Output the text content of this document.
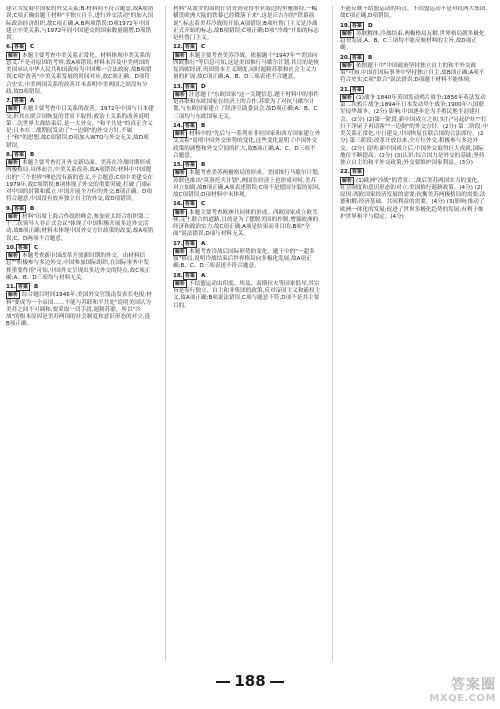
建立为发展中国家的外交关系;B.材料同不符合题意,故A项错误;C项正确由题干材料"平独立自主,进行外交活动"的加入国际政治经济组织,故C项正确,A,B两项错误;D项1972年中国建立中美关系,与1972年同中国建交的国家数量剧增,D项错误。
6. 答案 C
解析 本题主要考查中美关系正常化。材料体现中美关系的意义:不是对原因的考察,故A项错误;材料未涉及中美两国的美国承认中华人民共和国政府为中国唯一合法政府,故B项错误;C项"改善"中美关系发展的时间对应,故C项正确。D项符合史实,中美两国关系的改善并未表明中美两国之间没有分歧,故D项错误。
7. 答案 A
解析 本题主要考查中日关系的改善。1972年中国与日本建交,但其在联合国恢复的背景下取得;政治上关系的改善说明第二次世界大战结束后,是一大外交。"和平共处"的真正含义是:日本在二战期间发动了"一边倒"的外交方针,不属于"和"的思想,故C项错误;D项加入WTO与外交无关,故D项错误。
8. 答案 B
解析 本题主要考查打开外交新局面。美苏在冷战时期形成两极格局,具体而言,中美关系改善,故A项错误;材料中中国提出的"三个世界"理论没有新的意义,不合题意;C项中美建交在1979年,故C项错误;B项体现了外交的重要突破,打破了国际对中国的封锁和孤立,中国开展全方位的外交,B项正确。D项符合题意,中国没有放弃独立自主的外交,故D项错误。
9. 答案 B
解析 材料"出席上海合作组织峰会,参加亚太经合组织第二十二次领导人非正式会议"体现了中国积极开展多边外交活动,故B项正确;材料未体现中国外交方针政策的改变,故A项错误;C、D两项不合题意。
10. 答案 C
解析 本题考查新中国改革开放新时期的外交。由材料信息""积极参与多边外交,中国参加国际组织,在国际事务中发挥重要作用"可知,中国外交呈现出多边外交的特点,故C项正确;A、B、D三项均与材料无关。
11. 答案 B
解析 综合题目时间1946年,美国外交官凯南发表长电报;材料"要成为一个帝国……不能与苏联和平共处"说明美国认为美苏之间不可调和,要采取一切手段,遏制苏联。所以"冷战"的根本原因是美苏两国的社会制度和意识形态的对立,选B项正确。
材料"从波罗的海的什切青到亚得里亚海边的里雅斯特,一幅横贯欧洲大陆的铁幕已经降落下来",这是丘吉尔的"铁幕演说",标志着美苏冷战的开始,A项错误;B项杜鲁门主义是冷战正式开始的标志,故B项错误;C项正确;D项"冷战"开始的标志是杜鲁门主义。
12. 答案 C
解析 本题主要考查美苏冷战。依据题干"1947年""美国向西欧推行"等信息可知,这是美国推行马歇尔计划,其目的是恢复西欧经济,巩固资本主义制度,同时遏制苏联和社会主义力量的扩展,故C项正确;A、B、D三项表述不合题意。
13. 答案 D
解析 注意题干"东欧国家"这一关键信息,题干材料中的事件是苏联和东欧国家在经济上的合作,苏联为了对抗马歇尔计划,与东欧国家建立了经济互助委员会,故D项正确;A、B、C三项均与东欧国家无关。
14. 答案 B
解析 材料中的"先后与一系列亚非拉国家和西方国家建立外交关系"说明中国外交形势的变化,这些变化说明了中国外交政策的调整和外交空间的扩大,故B项正确,A、C、D三项不合题意。
15. 答案 B
解析 本题考查美苏两极格局的形成。美国推行马歇尔计划,苏联也推出"莫洛托夫计划",两国在经济上也形成对峙,美苏对立加剧,故B项正确,A项表述错误;C项不是德国分裂的原因,故C项错误;D项材料中未体现。
16. 答案 C
解析 本题主要考查欧洲共同体的形成。西欧国家成立欧共体,走上联合的道路,目的是为了摆脱美国的控制,增强欧洲的经济和政治实力,故C项正确;A项是结果而非目的,B项"全面"说法错误,D项与材料无关。
17. 答案 A
解析 本题考查冷战后国际形势的变化。题干中的"一超多强"格局,说明冷战结束后世界格局向多极化发展,故A项正确;B、C、D三项表述不符合题意。
18. 答案 A
解析 不结盟运动由印度、埃及、南斯拉夫等国家倡导,其宗旨是奉行独立、自主和非集团的政策,反对帝国主义和霸权主义,故A项正确;B项说法错误,C项与题意不符,D项不是其主要目的。
不能反映不结盟运动的特点。不结盟运动不是对抗两大集团,故C项正确,D项错误。
19. 答案 D
解析 苏联解体,冷战结束,两极格局瓦解,世界格局朝多极化趋势发展,A、B、C三项均不能反映材料的主旨,故D项正确。
20. 答案 B
解析 依据题干中"中国政府坚持独立自主的和平外交政策"可知,中国在国际事务中坚持独立自主,故B项正确;A项不符合史实;C项"联合"说法错误;D项题干材料不能体现。
21. 答案
解析 (1)战争:1840年英国发动鸦片战争;1856年英法发动第二次鸦片战争;1894年日本发动甲午战争;1900年八国联军侵华战争。(2分) 影响:中国逐步沦为半殖民地半封建社会。(2分) (2)第一阶段:新中国成立之初,实行"另起炉灶""打扫干净屋子再请客""一边倒"的外交方针。(2分) 第二阶段:中美关系正常化,中日建交,中国恢复在联合国的合法席位。(2分) 第三阶段:改革开放以来,全方位外交,积极参与多边外交。(2分) 说明:新中国成立后,中国外交取得巨大成就,国际地位不断提高。(2分) (3)认识:综合国力是外交的基础;坚持独立自主的和平外交政策;外交要维护国家利益。(3分)
22. 答案
解析 (1)欧洲"冷战"的背景:二战后美苏两国实力的变化、社会制度和意识形态的对立;美国推行遏制政策。(4分) (2)原因:西欧国家经济发展的需要;抗衡美苏两极格局的需要;法德和解;经济基础、共同利益的需要。(4分) (3)影响:推动了欧洲一体化的发展;促进了世界多极化趋势的发展;有利于维护世界和平与稳定。(4分)
188	答案圈
MXQE.COM
